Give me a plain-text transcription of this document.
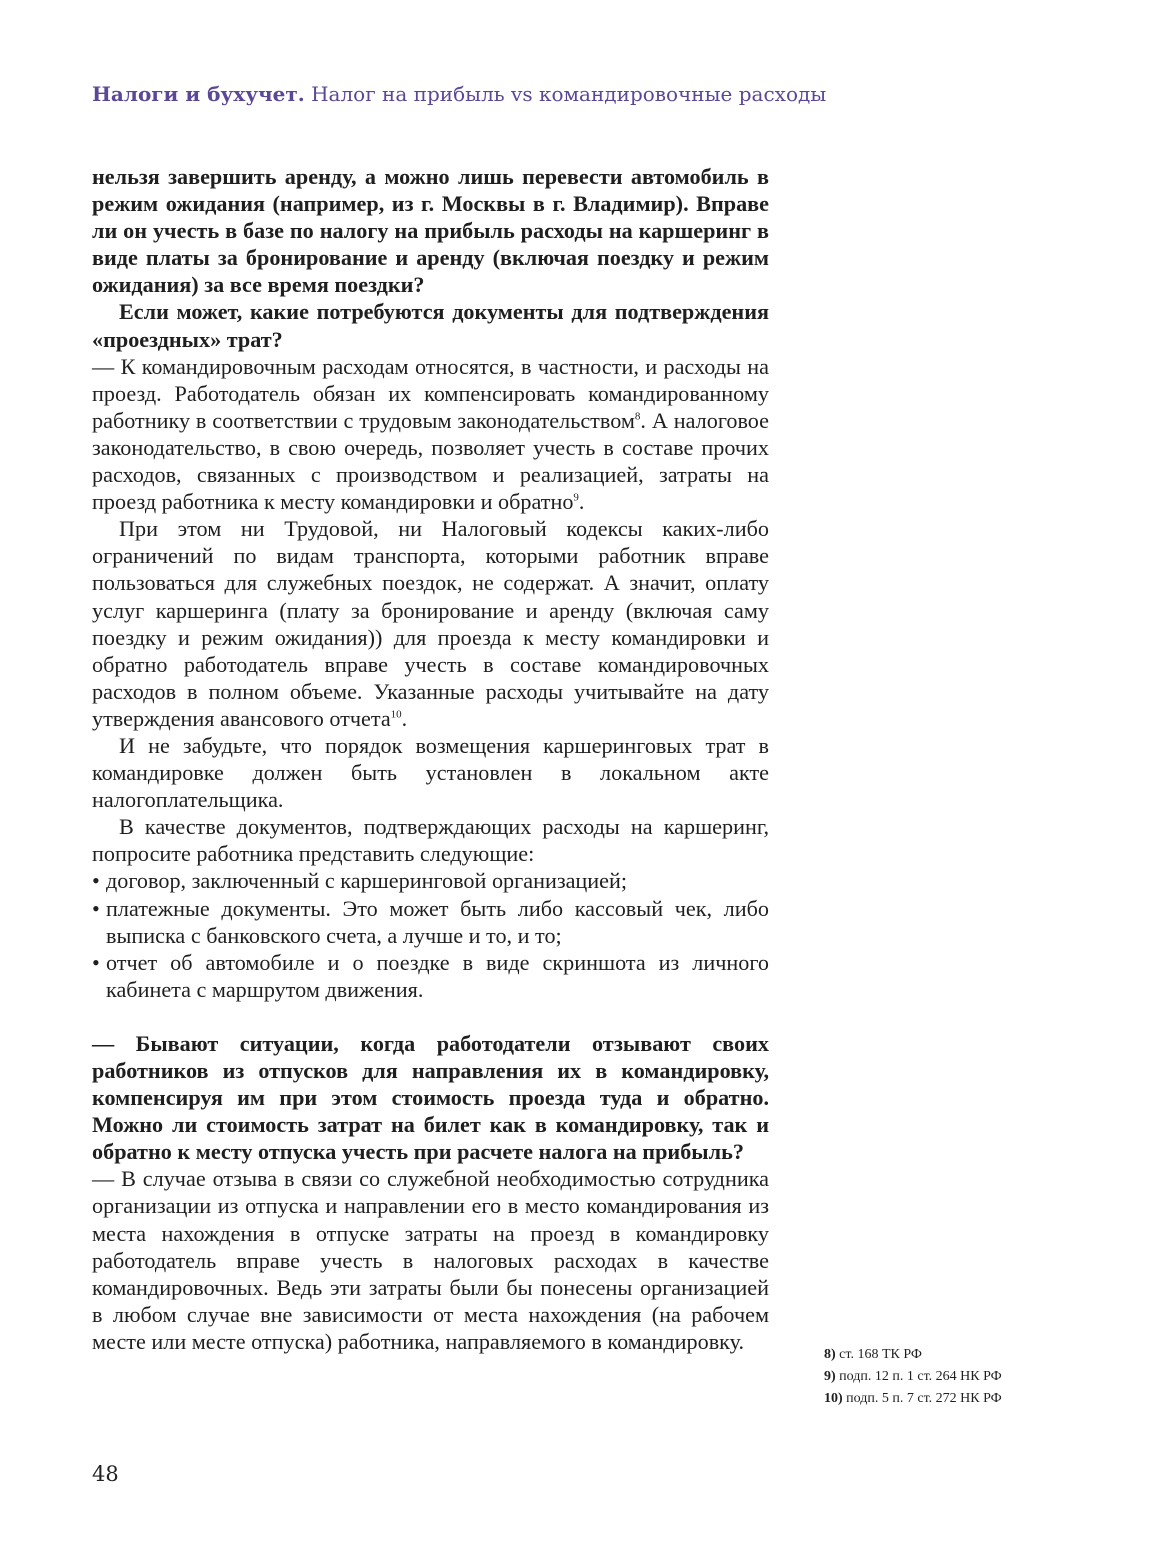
Налоги и бухучет. Налог на прибыль vs командировочные расходы

нельзя завершить аренду, а можно лишь перевести автомобиль в режим ожидания (например, из г. Москвы в г. Владимир). Вправе ли он учесть в базе по налогу на прибыль расходы на каршеринг в виде платы за бронирование и аренду (включая поездку и режим ожидания) за все время поездки?

Если может, какие потребуются документы для подтверждения «проездных» трат?

— К командировочным расходам относятся, в частности, и расходы на проезд. Работодатель обязан их компенсировать командированному работнику в соответствии с трудовым законодательством$^8$. А налоговое законодательство, в свою очередь, позволяет учесть в составе прочих расходов, связанных с производством и реализацией, затраты на проезд работника к месту командировки и обратно$^9$.

При этом ни Трудовой, ни Налоговый кодексы каких-либо ограничений по видам транспорта, которыми работник вправе пользоваться для служебных поездок, не содержат. А значит, оплату услуг каршеринга (плату за бронирование и аренду (включая саму поездку и режим ожидания)) для проезда к месту командировки и обратно работодатель вправе учесть в составе командировочных расходов в полном объеме. Указанные расходы учитывайте на дату утверждения авансового отчета$^{10}$.

И не забудьте, что порядок возмещения каршеринговых трат в командировке должен быть установлен в локальном акте налогоплательщика.

В качестве документов, подтверждающих расходы на каршеринг, попросите работника представить следующие:

• договор, заключенный с каршеринговой организацией;
• платежные документы. Это может быть либо кассовый чек, либо выписка с банковского счета, а лучше и то, и то;
• отчет об автомобиле и о поездке в виде скриншота из личного кабинета с маршрутом движения.

— Бывают ситуации, когда работодатели отзывают своих работников из отпусков для направления их в командировку, компенсируя им при этом стоимость проезда туда и обратно. Можно ли стоимость затрат на билет как в командировку, так и обратно к месту отпуска учесть при расчете налога на прибыль?

— В случае отзыва в связи со служебной необходимостью сотрудника организации из отпуска и направлении его в место командирования из места нахождения в отпуске затраты на проезд в командировку работодатель вправе учесть в налоговых расходах в качестве командировочных. Ведь эти затраты были бы понесены организацией в любом случае вне зависимости от места нахождения (на рабочем месте или месте отпуска) работника, направляемого в командировку.

8) ст. 168 ТК РФ
9) подп. 12 п. 1 ст. 264 НК РФ
10) подп. 5 п. 7 ст. 272 НК РФ
48
